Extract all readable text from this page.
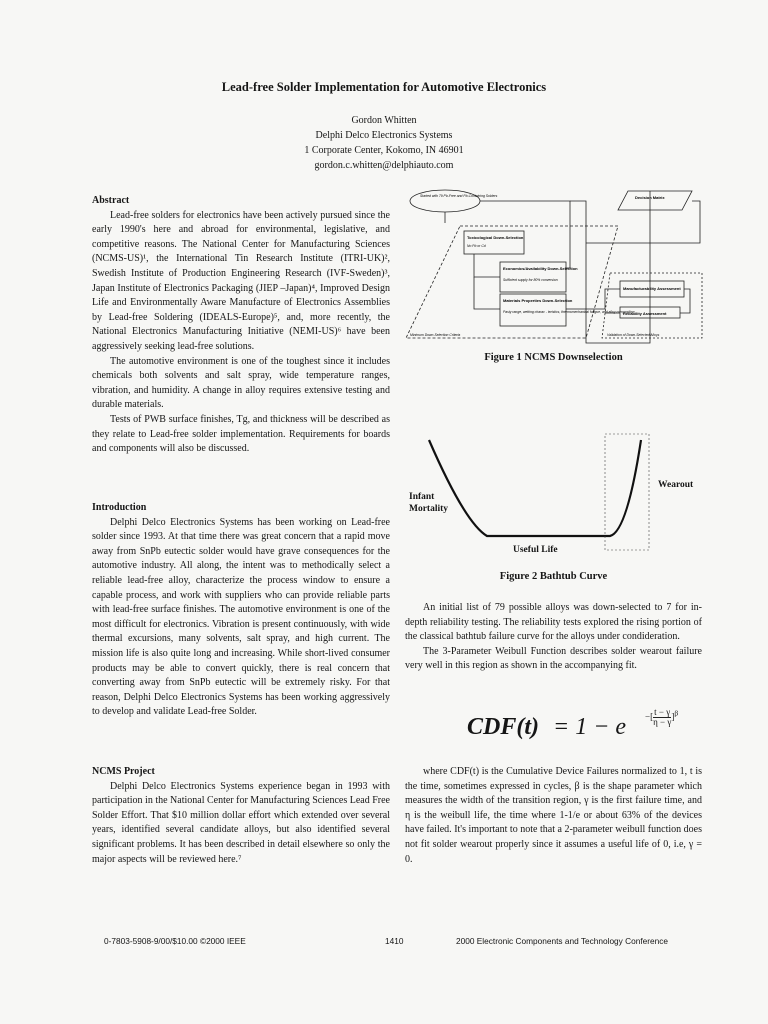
Lead-free Solder Implementation for Automotive Electronics
Gordon Whitten
Delphi Delco Electronics Systems
1 Corporate Center, Kokomo, IN 46901
gordon.c.whitten@delphiauto.com
Abstract

Lead-free solders for electronics have been actively pursued since the early 1990's here and abroad for environmental, legislative, and competitive reasons. The National Center for Manufacturing Sciences (NCMS-US)¹, the International Tin Research Institute (ITRI-UK)², Swedish Institute of Production Engineering Research (IVF-Sweden)³, Japan Institute of Electronics Packaging (JIEP –Japan)⁴, Improved Design Life and Environmentally Aware Manufacture of Electronics Assemblies by Lead-free Soldering (IDEALS-Europe)⁵, and, more recently, the National Electronics Manufacturing Initiative (NEMI-US)⁶ have been aggressively seeking lead-free solutions.

The automotive environment is one of the toughest since it includes chemicals both solvents and salt spray, wide temperature ranges, vibration, and humidity. A change in alloy requires extensive testing and durable materials.

Tests of PWB surface finishes, Tg, and thickness will be described as they relate to Lead-free solder implementation. Requirements for boards and components will also be discussed.

Introduction

Delphi Delco Electronics Systems has been working on Lead-free solder since 1993. At that time there was great concern that a rapid move away from SnPb eutectic solder would have grave consequences for the automotive industry. All along, the intent was to methodically select a reliable lead-free alloy, characterize the process window to ensure a capable process, and work with suppliers who can provide reliable parts with lead-free surface finishes. The automotive environment is one of the most difficult for electronics. Vibration is present continuously, with wide thermal excursions, many solvents, salt spray, and high current. The mission life is also quite long and increasing. While short-lived consumer products may be able to convert quickly, there is real concern that converting away from SnPb eutectic will be extremely risky. For that reason, Delphi Delco Electronics Systems has been working aggressively to develop and validate Lead-free Solder.

NCMS Project

Delphi Delco Electronics Systems experience began in 1993 with participation in the National Center for Manufacturing Sciences Lead Free Solder Effort. That $10 million dollar effort which extended over several years, identified several candidate alloys, but also identified several significant problems. It has been described in detail elsewhere so only the major aspects will be reviewed here.⁷

Started with 79 Pb-Free and Pb-Containing Solders	Decision Matrix
Toxicological Down-Selection
No Pb or Cd
Economics/Availability Down-Selection
Sufficient supply for 80% conversion
Materials Properties Down-Selection
Pasty range, wetting charac - teristics, thermomechanical fatigue, and alloy composition
Manufacturability Assessment
Reliability Assessment
Minimum Down-Selection Criteria	Validation of Down-Selected Alloys
Figure 1 NCMS Downselection
Infant
Mortality
Useful Life
Wearout
Figure 2 Bathtub Curve

An initial list of 79 possible alloys was down-selected to 7 for in-depth reliability testing. The reliability tests explored the rising portion of the classical bathtub failure curve for the alloys under condideration.

The 3-Parameter Weibull Function describes solder wearout failure very well in this region as shown in the accompanying fit.

CDF(t) = 1 − e −[ $\frac{t - \gamma}{\eta - \gamma} ]^\beta$

where CDF(t) is the Cumulative Device Failures normalized to 1, t is the time, sometimes expressed in cycles, β is the shape parameter which measures the width of the transition region, γ is the first failure time, and η is the weibull life, the time where 1-1/e or about 63% of the devices have failed. It's important to note that a 2-parameter weibull function does not fit solder wearout properly since it assumes a useful life of 0, i.e, γ = 0.

0-7803-5908-9/00/$10.00 ©2000 IEEE	1410	2000 Electronic Components and Technology Conference
